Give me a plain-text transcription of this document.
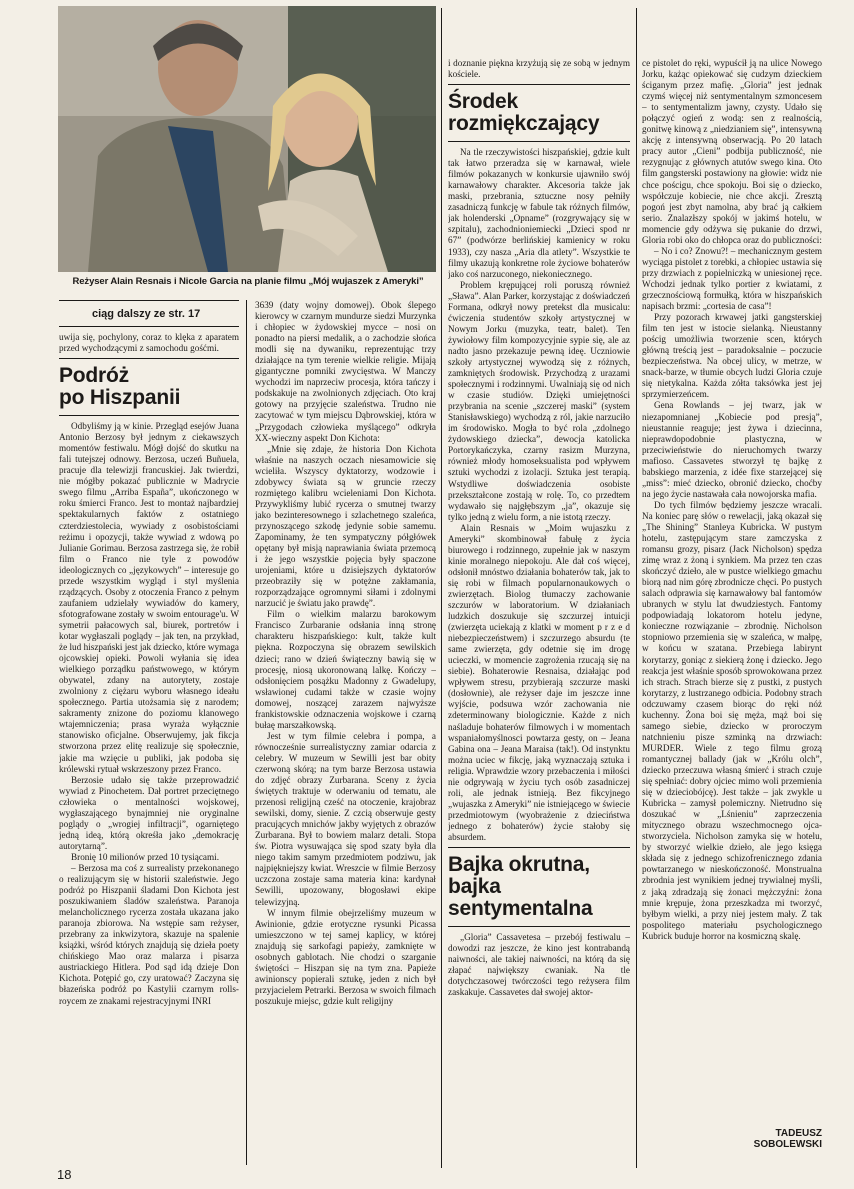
Reżyser Alain Resnais i Nicole Garcia na planie filmu „Mój wujaszek z Ameryki”
ciąg dalszy ze str. 17

uwija się, pochylony, coraz to klęka z aparatem przed wychodzącymi z samochodu gośćmi.

Podróż
po Hiszpanii

Odbyliśmy ją w kinie. Przegląd esejów Juana Antonio Berzosy był jednym z ciekawszych momentów festiwalu. Mógł dojść do skutku na fali tutejszej odnowy. Berzosa, uczeń Buñuela, pracuje dla telewizji francuskiej. Jak twierdzi, nie mógłby pokazać publicznie w Madrycie swego filmu „Arriba España”, ukończonego w roku śmierci Franco. Jest to montaż najbardziej spektakularnych faktów z ostatniego czterdziestolecia, wywiady z osobistościami reżimu i opozycji, także wywiad z wdową po Julianie Gorimau. Berzosa zastrzega się, że robił film o Franco nie tyle z powodów ideologicznych co „językowych” – interesuje go przede wszystkim wygląd i styl myślenia rządzących. Osoby z otoczenia Franco z pełnym zaufaniem udzielały wywiadów do kamery, sfotografowane zostały w swoim entourage'u. W symetrii pałacowych sal, biurek, portretów i kotar wygłaszali poglądy – jak ten, na przykład, że lud hiszpański jest jak dziecko, które wymaga ojcowskiej opieki. Powoli wyłania się idea wielkiego porządku państwowego, w którym obywatel, zdany na autorytety, zostaje zwolniony z ciężaru wyboru własnego ideału społecznego. Partia utożsamia się z narodem; sakramenty znizone do poziomu klanowego wtajemniczenia; prasa wyraża wyłącznie stanowisko oficjalne. Obserwujemy, jak fikcja stworzona przez elitę realizuje się społecznie, jakie ma wzięcie u publiki, jak podoba się królewski rytuał wskrzeszony przez Franco.

Berzosie udało się także przeprowadzić wywiad z Pinochetem. Dał portret przeciętnego człowieka o mentalności wojskowej, wygłaszającego bynajmniej nie oryginalne poglądy o „wrogiej infiltracji”, ogarniętego jedną ideą, którą okreśła jako „demokrację autorytarną”.

Bronię 10 milionów przed 10 tysiącami.

– Berzosa ma coś z surrealisty przekonanego o realizującym się w historii szaleństwie. Jego podróż po Hiszpanii śladami Don Kichota jest poszukiwaniem śladów szaleństwa. Paranoja melancholicznego rycerza została ukazana jako paranoja zbiorowa. Na wstępie sam reżyser, przebrany za inkwizytora, skazuje na spalenie książki, wśród których znajdują się dzieła poety chińskiego Mao oraz malarza i pisarza austriackiego Hitlera. Pod sąd idą dzieje Don Kichota. Potępić go, czy uratować? Zaczyna się błazeńska podróż po Kastylii czarnym rolls-roycem ze znakami rejestracyjnymi INRI

3639 (daty wojny domowej). Obok ślepego kierowcy w czarnym mundurze siedzi Murzynka i chłopiec w żydowskiej mycce – nosi on ponadto na piersi medalik, a o zachodzie słońca modli się na dywaniku, reprezentując trzy działające na tym terenie wielkie religie. Mijają gigantyczne pomniki zwycięstwa. W Manczy wychodzi im naprzeciw procesja, która tańczy i podskakuje na zwolnionych zdjęciach. Oto kraj gotowy na przyjęcie szaleństwa. Trudno nie zacytować w tym miejscu Dąbrowskiej, która w „Przygodach człowieka myślącego” odkryła XX-wieczny aspekt Don Kichota:

„Mnie się zdaje, że historia Don Kichota właśnie na naszych oczach niesamowicie się wcieliła. Wszyscy dyktatorzy, wodzowie i zdobywcy świata są w gruncie rzeczy rozmiętego kalibru wcieleniami Don Kichota. Przywykliśmy lubić rycerza o smutnej twarzy jako bezinteresownego i szlachetnego szaleńca, przynoszącego szkodę jedynie sobie samemu. Zapominamy, że ten sympatyczny półgłówek opętany był misją naprawiania świata przemocą i że jego wszystkie pojęcia były spaczone urojeniami, które u dzisiejszych dyktatorów przeobraziły się w potężne zakłamania, rozporządzające ogromnymi siłami i zdolnymi narzucić je światu jako prawdę”.

Film o wielkim malarzu barokowym Francisco Zurbaranie odsłania inną stronę charakteru hiszpańskiego: kult, także kult piękna. Rozpoczyna się obrazem sewilskich dzieci; rano w dzień świąteczny bawią się w procesję, niosą ukoronowaną lalkę. Kończy – odsłonięciem posążku Madonny z Gwadelupy, wsławionej cudami także w czasie wojny domowej, noszącej zarazem najwyższe frankistowskie odznaczenia wojskowe i czarną bułaę marszałkowską.

Jest w tym filmie celebra i pompa, a równocześnie surrealistyczny zamiar odarcia z celebry. W muzeum w Sewilli jest bar obity czerwoną skórą; na tym barze Berzosa ustawia do zdjęć obrazy Zurbarana. Sceny z życia świętych traktuje w oderwaniu od tematu, ale przenosi religijną cześć na otoczenie, krajobraz sewilski, domy, sienie. Z czcią obserwuje gesty pracujących mnichów jakby wyjętych z obrazów Zurbarana. Był to bowiem malarz detali. Stopa św. Piotra wysuwająca się spod szaty była dla niego takim samym przedmiotem podziwu, jak najpiękniejszy kwiat. Wreszcie w filmie Berzosy uczczona zostaje sama materia kina: kardynał Sewilli, upozowany, błogosławi ekipe telewizyjną.

W innym filmie obejrzeliśmy muzeum w Awinionie, gdzie erotyczne rysunki Picassa umieszczono w tej samej kaplicy, w której znajdują się sarkofagi papieży, zamknięte w osobnych gablotach. Nie chodzi o szarganie świętości – Hiszpan się na tym zna. Papieże awinionscy popierali sztukę, jeden z nich był przyjacielem Petrarki. Berzosa w swoich filmach poszukuje miejsc, gdzie kult religijny

i doznanie piękna krzyżują się ze sobą w jednym kościele.

Środek
rozmiękczający

Na tle rzeczywistości hiszpańskiej, gdzie kult tak łatwo przeradza się w karnawał, wiele filmów pokazanych w konkursie ujawniło swój karnawałowy charakter. Akcesoria także jak maski, przebrania, sztuczne nosy pełniły zasadniczą funkcję w fabule tak różnych filmów, jak holenderski „Opname” (rozgrywający się w szpitalu), zachodnioniemiecki „Dzieci spod nr 67” (podwórze berlińskiej kamienicy w roku 1933), czy nasza „Aria dla atlety”. Wszystkie te filmy ukazują konkretne role życiowe bohaterów jako coś narzuconego, niekoniecznego.

Problem krępującej roli poruszą również „Sława”. Alan Parker, korzystając z doświadczeń Formana, odkrył nowy pretekst dla musicalu: ćwiczenia studentów szkoły artystycznej w Nowym Jorku (muzyka, teatr, balet). Ten żywiołowy film kompozycyjnie sypie się, ale az nadto jasno przekazuje pewną ideę. Uczniowie szkoły artystycznej wywodzą się z różnych, zamkniętych środowisk. Przychodzą z urazami społecznymi i rodzinnymi. Uwalniają się od nich w czasie studiów. Dzięki umiejętności przybrania na scenie „szczerej maski” (system Stanisławskiego) wychodzą z ról, jakie narzuciło im środowisko. Mogła to być rola „zdolnego żydowskiego dziecka”, dewocja katolicka Portorykańczyka, czarny rasizm Murzyna, również młody homoseksualista pod wpływem sztuki wychodzi z izolacji. Sztuka jest terapią. Wstydliwe doświadczenia osobiste przekształcone zostają w rolę. To, co przedtem wydawało się najgłębszym „ja”, okazuje się tylko jedną z wielu form, a nie istotą rzeczy.

Alain Resnais w „Moim wujaszku z Ameryki” skombinował fabułę z życia biurowego i rodzinnego, zupełnie jak w naszym kinie moralnego niepokoju. Ale dał coś więcej, odsłonił mnóstwo działania bohaterów tak, jak to się robi w filmach popularnonaukowych o zwierzętach. Biolog tłumaczy zachowanie szczurów w laboratorium. W działaniach ludzkich doszukuje się szczurzej intuicji (zwierzęta uciekają z klatki w moment p r z e d niebezpieczeństwem) i szczurzego absurdu (te same zwierzęta, gdy odetnie się im drogę ucieczki, w momencie zagrożenia rzucają się na siebie). Bohaterowie Resnaisa, działając pod wpływem stresu, przybierają szczurze maski (dosłownie), ale reżyser daje im jeszcze inne wyjście, podsuwa wzór zachowania nie zdeterminowany biologicznie. Każde z nich naśladuje bohaterów filmowych i w momentach wspaniałomyślnosci powtarza gesty, on – Jeana Gabina ona – Jeana Maraisa (tak!). Od instynktu można uciec w fikcję, jaką wyznaczają sztuka i religia. Wprawdzie wzory przebaczenia i miłości nie odgrywają w życiu tych osób zasadniczej roli, ale jednak istnieją. Bez fikcyjnego „wujaszka z Ameryki” nie istniejącego w świecie przedmiotowym (wyobrażenie z dzieciństwa jednego z bohaterów) życie stałoby się absurdem.

Bajka okrutna,
bajka
sentymentalna

„Gloria” Cassavetesa – przebój festiwalu – dowodzi raz jeszcze, że kino jest kontrabandą naiwności, ale takiej naiwności, na którą da się złapać największy cwaniak. Na tle dotychczasowej twórczości tego reżysera film zaskakuje. Cassavetes dał swojej aktor-

ce pistolet do ręki, wypuścił ją na ulice Nowego Jorku, każąc opiekować się cudzym dzieckiem ściganym przez mafię. „Gloria” jest jednak czymś więcej niż sentymentalnym szmoncesem – to sentymentalizm jawny, czysty. Udało się połączyć ogień z wodą: sen z realnością, gonitwę kinową z „niedzianiem się”, intensywną akcję z intensywną obserwacją. Po 20 latach pracy autor „Cieni” podbija publiczność, nie rezygnując z głównych atutów swego kina. Oto film gangsterski postawiony na głowie: widz nie chce pościgu, chce spokoju. Boi się o dziecko, współczuje kobiecie, nie chce akcji. Zresztą pogoń jest zbyt namolna, aby brać ją całkiem serio. Znalazłszy spokój w jakimś hotelu, w momencie gdy odżywa się pukanie do drzwi, Gloria robi oko do chłopca oraz do publiczności:

– No i co? Znowu?! – mechanicznym gestem wyciąga pistolet z torebki, a chłopiec ustawia się przy drzwiach z popielniczką w uniesionej ręce. Wchodzi jednak tylko portier z kwiatami, z grzecznościową formułką, która w hiszpańskich napisach brzmi: „cortesia de casa”!

Przy pozorach krwawej jatki gangsterskiej film ten jest w istocie sielanką. Nieustanny pościg umożliwia tworzenie scen, których główną treścią jest – paradoksalnie – poczucie bezpieczeństwa. Na obcej ulicy, w metrze, w snack-barze, w tłumie obcych ludzi Gloria czuje się nietykalna. Każda zółta taksówka jest jej sprzymierzeńcem.

Gena Rowlands – jej twarz, jak w niezapomnianej „Kobiecie pod presją”, nieustannie reaguje; jest żywa i dziecinna, nieprawdopodobnie plastyczna, w przeciwieństwie do nieruchomych twarzy mafioso. Cassavetes stworzył tę bajkę z babskiego marzenia, z idée fixe starzejącej się „miss”: mieć dziecko, obronić dziecko, choćby na jego życie nastawała cała nowojorska mafia.

Do tych filmów będziemy jeszcze wracali. Na koniec parę słów o rewelacji, jaką okazał się „The Shining” Stanleya Kubricka. W pustym hotelu, zastępującym stare zamczyska z romansu grozy, pisarz (Jack Nicholson) spędza zimę wraz z żoną i synkiem. Ma przez ten czas skończyć dzieło, ale w pustce wielkiego gmachu biorą nad nim górę zbrodnicze chęci. Po pustych salach odprawia się karnawałowy bal fantomów ubranych w stylu lat dwudziestych. Fantomy podpowiadają lokatorom hotelu jedyne, konieczne rozwiązanie – zbrodnię. Nicholson stopniowo przemienia się w szaleńca, w małpę, w końcu w szatana. Przebiega labirynt korytarzy, goniąc z siekierą żonę i dziecko. Jego reakcja jest właśnie sposób sprowokowana przez ich strach. Strach bierze się z pustki, z pustych korytarzy, z lustrzanego odbicia. Podobny strach odczuwamy czasem biorąc do ręki nóż kuchenny. Żona boi się męża, mąż boi się samego siebie, dziecko w proroczym natchnieniu pisze szminką na drzwiach: MURDER. Wiele z tego filmu grozą romantycznej ballady (jak w „Królu olch”, dziecko przeczuwa własną śmierć i strach czuje się spełniać: dobry ojciec mimo woli przemienia się w dzieciobójcę). Jest także – jak zwykle u Kubricka – zamysł polemiczny. Nietrudno się doszukać w „Lśnieniu” zaprzeczenia mitycznego obrazu wszechmocnego ojca-stworzyciela. Nicholson zamyka się w hotelu, by stworzyć wielkie dzieło, ale jego księga składa się z jednego schizofrenicznego zdania powtarzanego w nieskończoność. Monstrualna zbrodnia jest wynikiem jednej trywialnej myśli, z jaką zdradzają się żonaci mężczyźni: żona mnie krępuje, żona przeszkadza mi tworzyć, byłbym wielki, a przy niej jestem mały. Z tak pospolitego materiału psychologicznego Kubrick buduje horror na kosmiczną skalę.

TADEUSZ
SOBOLEWSKI
18
